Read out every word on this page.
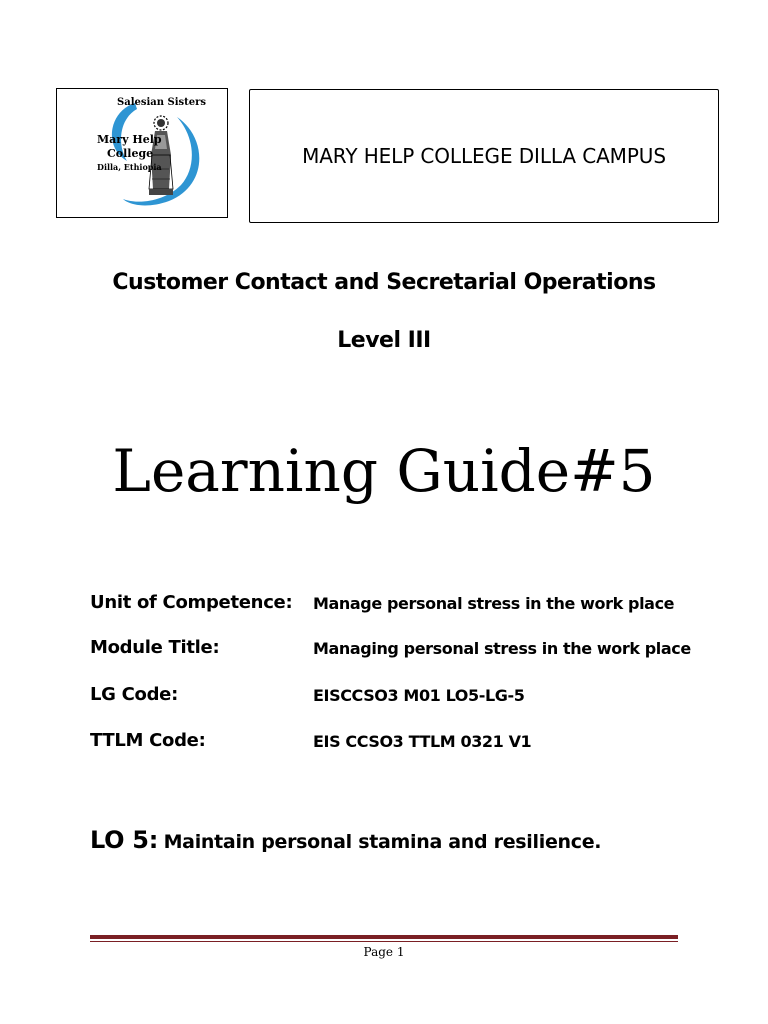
Salesian Sisters
Mary Help
College
Dilla, Ethiopia	MARY HELP COLLEGE DILLA CAMPUS
Customer Contact and Secretarial Operations
Level III
Learning Guide#5
Unit of Competence: Manage personal stress in the work place
Module Title:	Managing personal stress in the work place
LG Code:	EISCCSO3 M01 LO5-LG-5
TTLM Code:	EIS CCSO3 TTLM 0321 V1
LO 5: Maintain personal stamina and resilience.
Page 1
